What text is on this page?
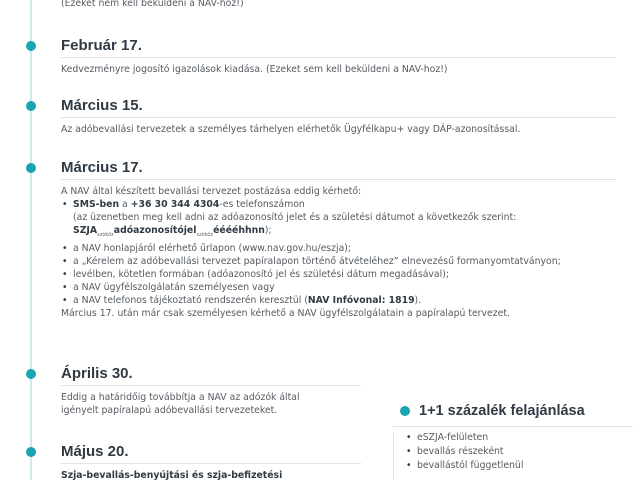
(Ezeket nem kell beküldeni a NAV-hoz!)

Február 17.

Kedvezményre jogosító igazolások kiadása. (Ezeket sem kell beküldeni a NAV-hoz!)

Március 15.

Az adóbevallási tervezetek a személyes tárhelyen elérhetők Ügyfélkapu+ vagy DÁP-azonosítással.

Március 17.

A NAV által készített bevallási tervezet postázása eddig kérhető:

• SMS-ben a +36 30 344 4304-es telefonszámon

(az üzenetben meg kell adni az adóazonosító jelet és a születési dátumot a következők szerint:

$SZJA_{szóköz}adóazonosítójel_{szóköz}ééééhhnn$);

• a NAV honlapjáról elérhető űrlapon (www.nav.gov.hu/eszja);
• a „Kérelem az adóbevallási tervezet papíralapon történő átvételéhez” elnevezésű formanyomtatványon;
• levélben, kötetlen formában (adóazonosító jel és születési dátum megadásával);
• a NAV ügyfélszolgálatán személyesen vagy
• a NAV telefonos tájékoztató rendszerén keresztül (NAV Infóvonal: 1819).

Március 17. után már csak személyesen kérhető a NAV ügyfélszolgálatain a papíralapú tervezet.

Április 30.

Eddig a határidőig továbbítja a NAV az adózók által igényelt papíralapú adóbevallási tervezeteket.

Május 20.

Szja-bevallás-benyújtási és szja-befizetési

1+1 százalék felajánlása
• eSZJA-felületen
• bevallás részeként
• bevallástól függetlenül
